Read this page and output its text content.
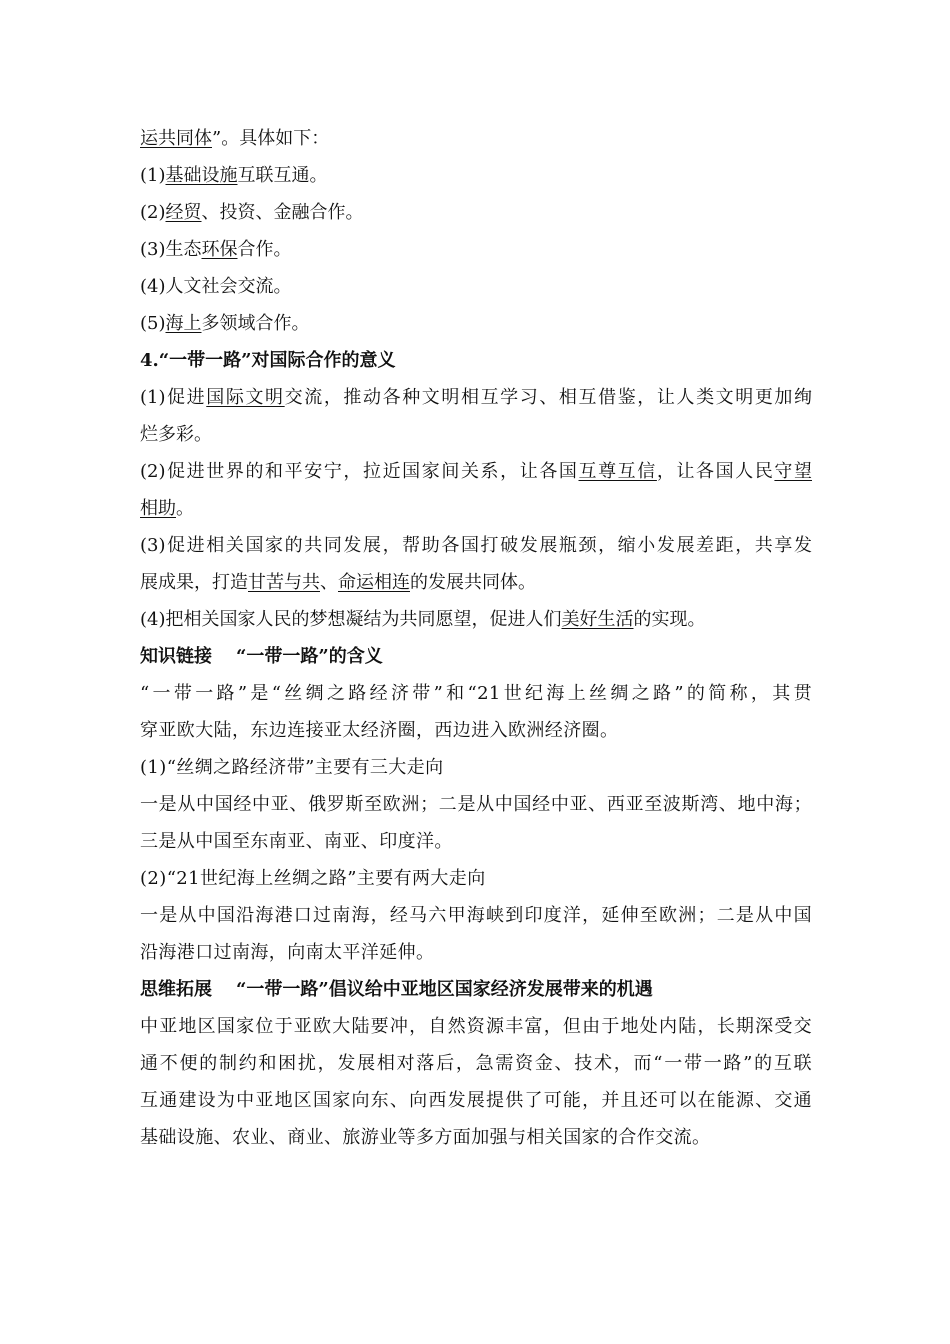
运共同体”。具体如下：
(1)基础设施互联互通。
(2)经贸、投资、金融合作。
(3)生态环保合作。
(4)人文社会交流。
(5)海上多领域合作。
4.“一带一路”对国际合作的意义
(1)促进国际文明交流，推动各种文明相互学习、相互借鉴，让人类文明更加绚
烂多彩。
(2)促进世界的和平安宁，拉近国家间关系，让各国互尊互信，让各国人民守望
相助。
(3)促进相关国家的共同发展，帮助各国打破发展瓶颈，缩小发展差距，共享发
展成果，打造甘苦与共、命运相连的发展共同体。
(4)把相关国家人民的梦想凝结为共同愿望，促进人们美好生活的实现。
知识链接 “一带一路”的含义
“一带一路”是“丝绸之路经济带”和“21世纪海上丝绸之路”的简称，其贯
穿亚欧大陆，东边连接亚太经济圈，西边进入欧洲经济圈。
(1)“丝绸之路经济带”主要有三大走向
一是从中国经中亚、俄罗斯至欧洲；二是从中国经中亚、西亚至波斯湾、地中海；
三是从中国至东南亚、南亚、印度洋。
(2)“21世纪海上丝绸之路”主要有两大走向
一是从中国沿海港口过南海，经马六甲海峡到印度洋，延伸至欧洲；二是从中国
沿海港口过南海，向南太平洋延伸。
思维拓展 “一带一路”倡议给中亚地区国家经济发展带来的机遇
中亚地区国家位于亚欧大陆要冲，自然资源丰富，但由于地处内陆，长期深受交
通不便的制约和困扰，发展相对落后，急需资金、技术，而“一带一路”的互联
互通建设为中亚地区国家向东、向西发展提供了可能，并且还可以在能源、交通
基础设施、农业、商业、旅游业等多方面加强与相关国家的合作交流。
